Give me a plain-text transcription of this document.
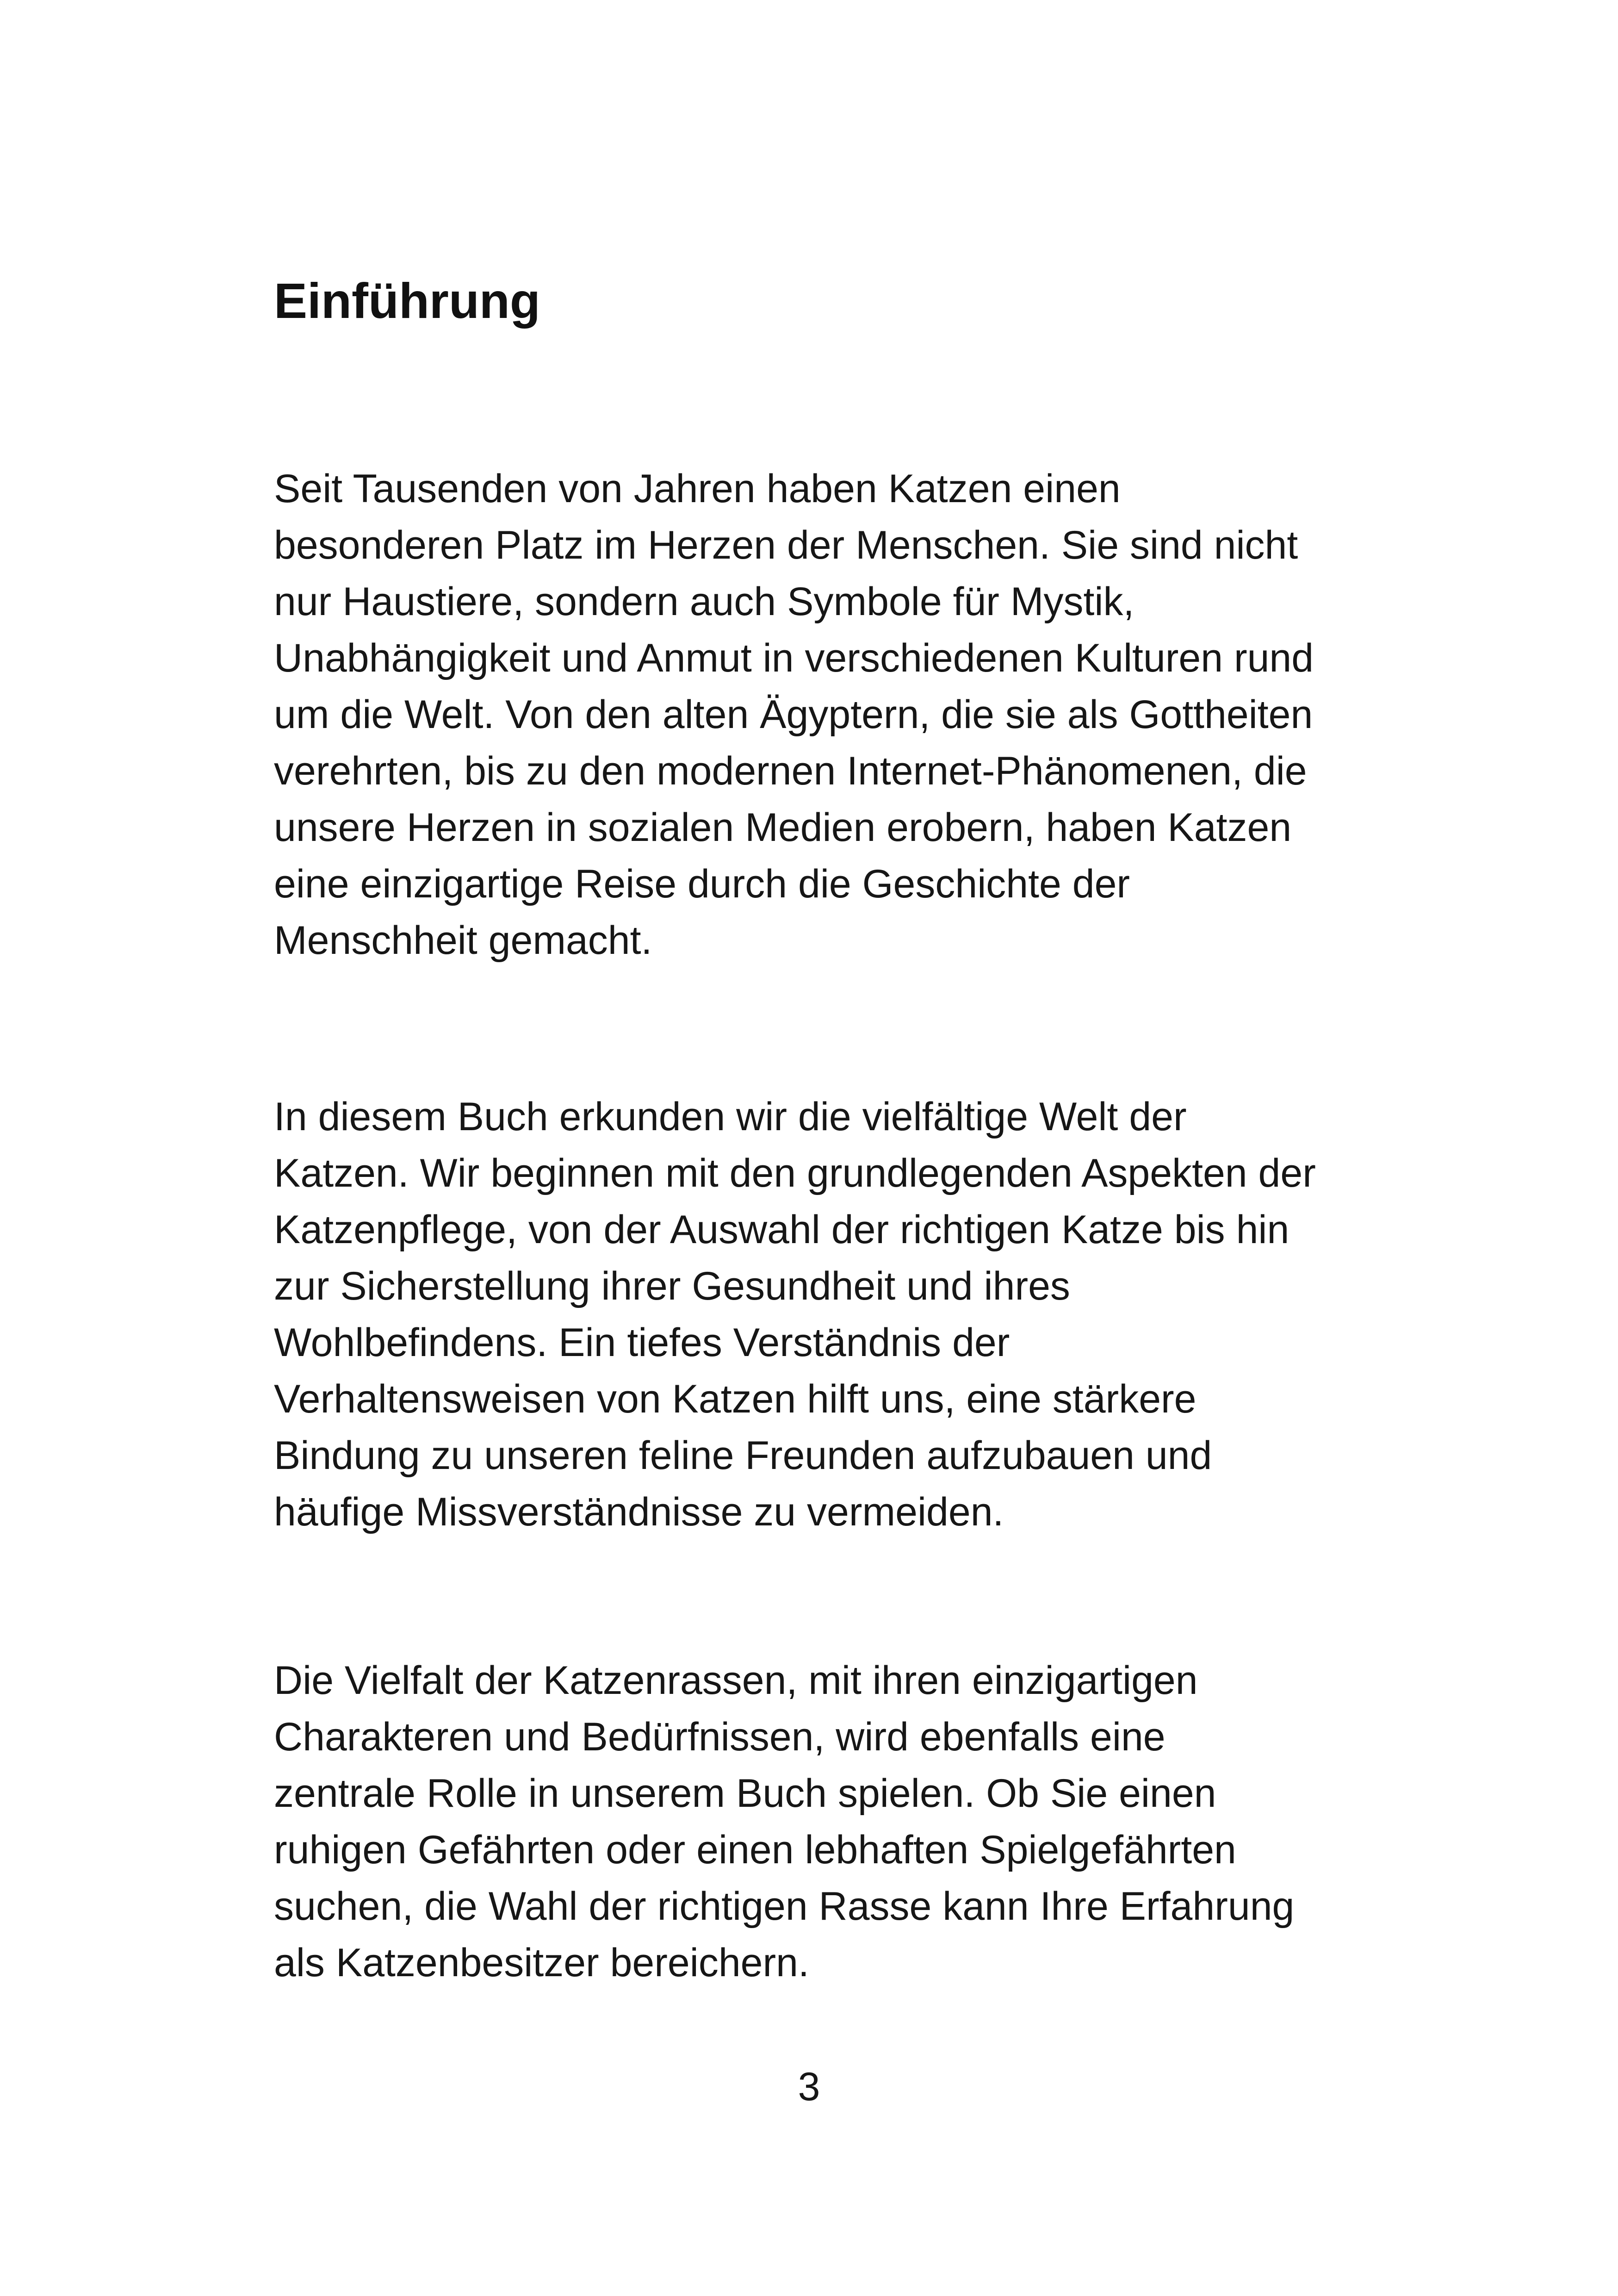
Einführung

Seit Tausenden von Jahren haben Katzen einen
besonderen Platz im Herzen der Menschen. Sie sind nicht
nur Haustiere, sondern auch Symbole für Mystik,
Unabhängigkeit und Anmut in verschiedenen Kulturen rund
um die Welt. Von den alten Ägyptern, die sie als Gottheiten
verehrten, bis zu den modernen Internet-Phänomenen, die
unsere Herzen in sozialen Medien erobern, haben Katzen
eine einzigartige Reise durch die Geschichte der
Menschheit gemacht.

In diesem Buch erkunden wir die vielfältige Welt der
Katzen. Wir beginnen mit den grundlegenden Aspekten der
Katzenpflege, von der Auswahl der richtigen Katze bis hin
zur Sicherstellung ihrer Gesundheit und ihres
Wohlbefindens. Ein tiefes Verständnis der
Verhaltensweisen von Katzen hilft uns, eine stärkere
Bindung zu unseren feline Freunden aufzubauen und
häufige Missverständnisse zu vermeiden.

Die Vielfalt der Katzenrassen, mit ihren einzigartigen
Charakteren und Bedürfnissen, wird ebenfalls eine
zentrale Rolle in unserem Buch spielen. Ob Sie einen
ruhigen Gefährten oder einen lebhaften Spielgefährten
suchen, die Wahl der richtigen Rasse kann Ihre Erfahrung
als Katzenbesitzer bereichern.

3
